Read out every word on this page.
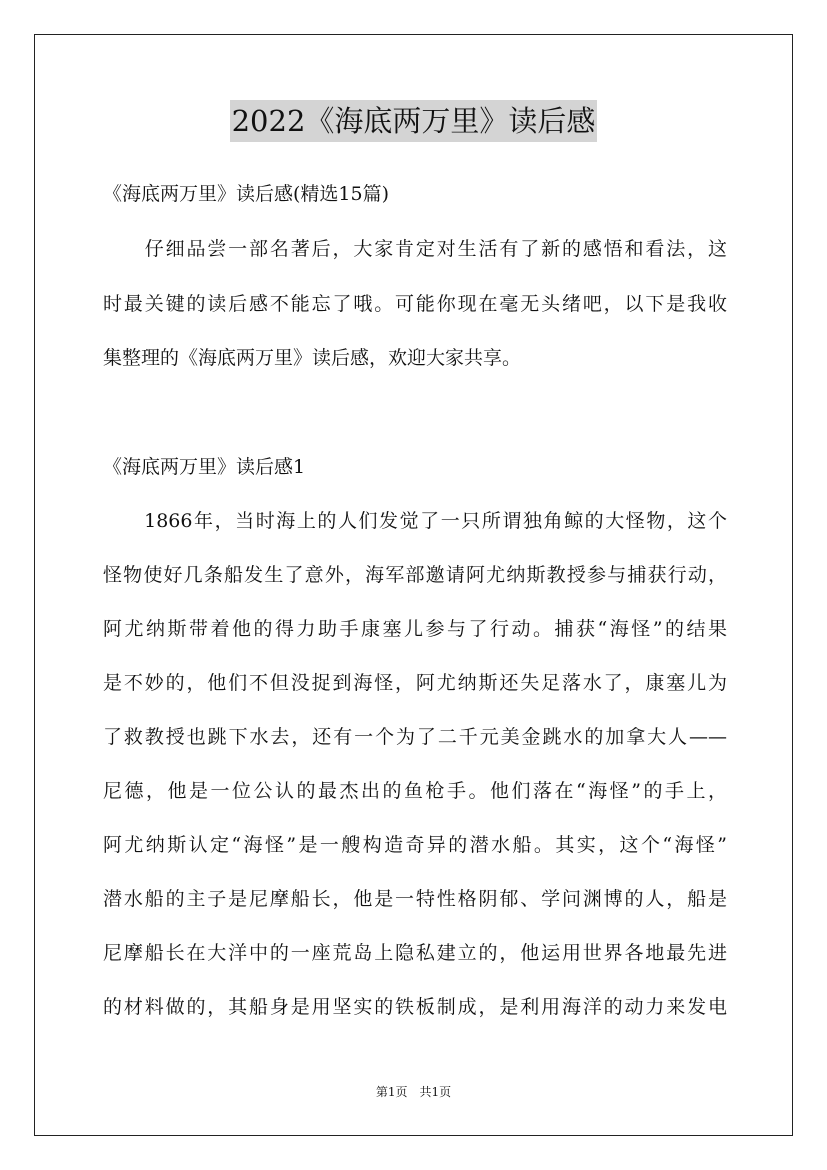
2022《海底两万里》读后感
《海底两万里》读后感(精选15篇)
　　仔细品尝一部名著后，大家肯定对生活有了新的感悟和看法，这
时最关键的读后感不能忘了哦。可能你现在毫无头绪吧，以下是我收
集整理的《海底两万里》读后感，欢迎大家共享。
《海底两万里》读后感1
　　1866年，当时海上的人们发觉了一只所谓独角鲸的大怪物，这个
怪物使好几条船发生了意外，海军部邀请阿尤纳斯教授参与捕获行动，
阿尤纳斯带着他的得力助手康塞儿参与了行动。捕获“海怪”的结果
是不妙的，他们不但没捉到海怪，阿尤纳斯还失足落水了，康塞儿为
了救教授也跳下水去，还有一个为了二千元美金跳水的加拿大人——
尼德，他是一位公认的最杰出的鱼枪手。他们落在“海怪”的手上，
阿尤纳斯认定“海怪”是一艘构造奇异的潜水船。其实，这个“海怪”
潜水船的主子是尼摩船长，他是一特性格阴郁、学问渊博的人，船是
尼摩船长在大洋中的一座荒岛上隐私建立的，他运用世界各地最先进
的材料做的，其船身是用坚实的铁板制成，是利用海洋的动力来发电
第1页　共1页
